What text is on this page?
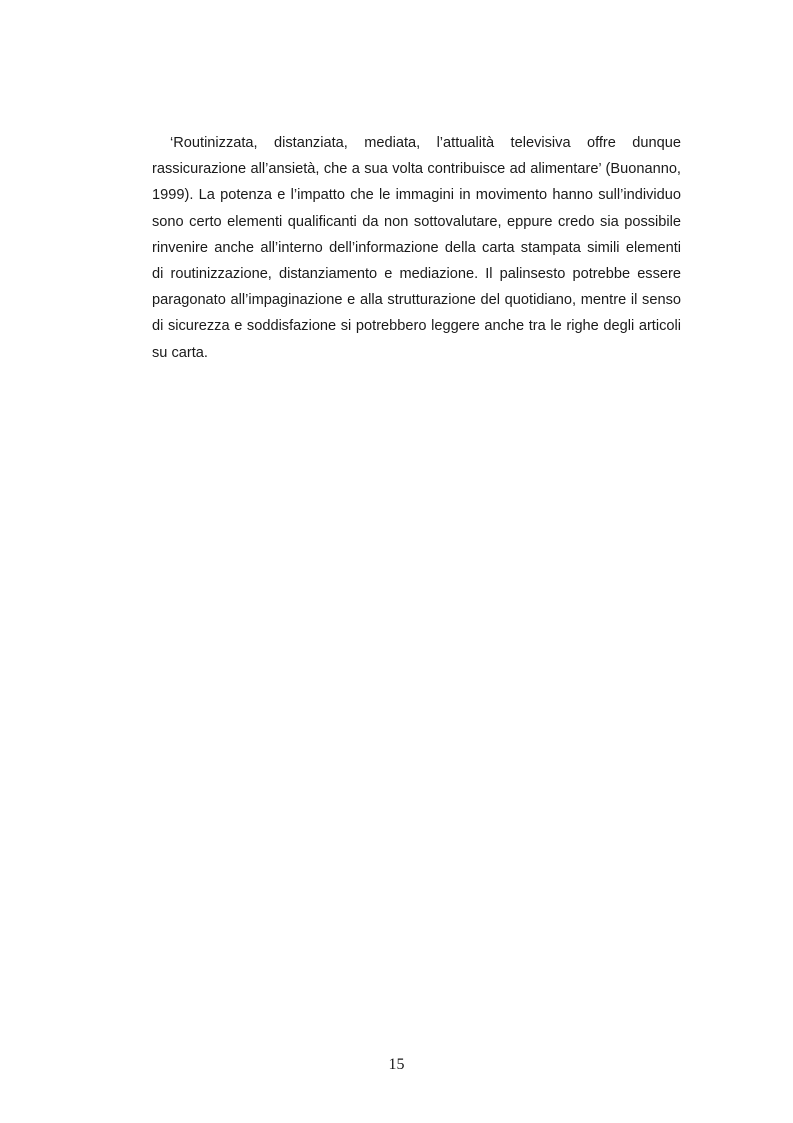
‘Routinizzata, distanziata, mediata, l’attualità televisiva offre dunque
rassicurazione all’ansietà, che a sua volta contribuisce ad alimentare’ (Buonanno,
1999). La potenza e l’impatto che le immagini in movimento hanno sull’individuo
sono certo elementi qualificanti da non sottovalutare, eppure credo sia possibile
rinvenire anche all’interno dell’informazione della carta stampata simili elementi
di routinizzazione, distanziamento e mediazione. Il palinsesto potrebbe essere
paragonato all’impaginazione e alla strutturazione del quotidiano, mentre il senso
di sicurezza e soddisfazione si potrebbero leggere anche tra le righe degli articoli
su carta.
15
